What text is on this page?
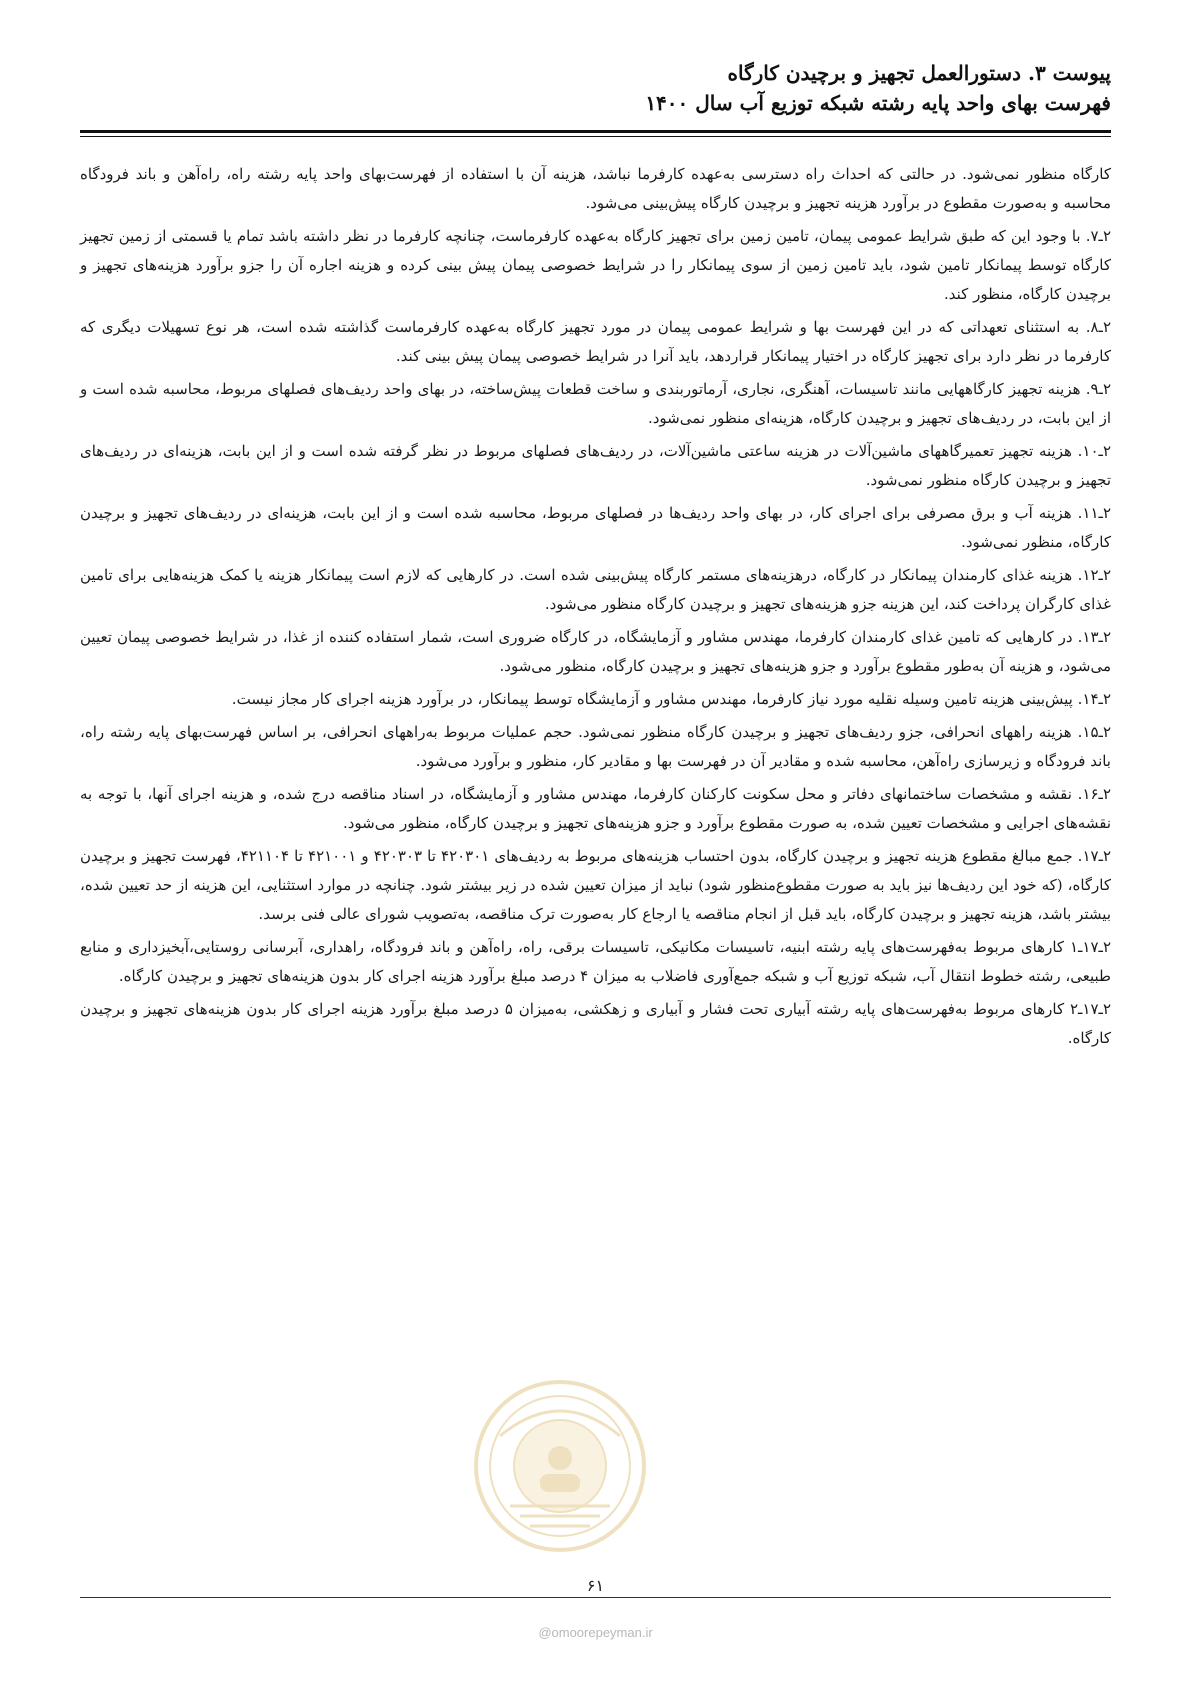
پیوست ۳. دستورالعمل تجهیز و برچیدن کارگاه
فهرست بهای واحد پایه رشته شبکه توزیع آب سال ۱۴۰۰

کارگاه منظور نمی‌شود. در حالتی که احداث راه دسترسی به‌عهده کارفرما نباشد، هزینه آن با استفاده از فهرست‌بهای واحد پایه رشته راه، راه‌آهن و باند فرودگاه محاسبه و به‌صورت مقطوع در برآورد هزینه تجهیز و برچیدن کارگاه پیش‌بینی می‌شود.

۲ـ۷. با وجود این که طبق شرایط عمومی پیمان، تامین زمین برای تجهیز کارگاه به‌عهده کارفرماست، چنانچه کارفرما در نظر داشته باشد تمام یا قسمتی از زمین تجهیز کارگاه توسط پیمانکار تامین شود، باید تامین زمین از سوی پیمانکار را در شرایط خصوصی پیمان پیش بینی کرده و هزینه اجاره آن را جزو برآورد هزینه‌های تجهیز و برچیدن کارگاه، منظور کند.

۲ـ۸. به استثنای تعهداتی که در این فهرست بها و شرایط عمومی پیمان در مورد تجهیز کارگاه به‌عهده کارفرماست گذاشته شده است، هر نوع تسهیلات دیگری که کارفرما در نظر دارد برای تجهیز کارگاه در اختیار پیمانکار قراردهد، باید آنرا در شرایط خصوصی پیمان پیش بینی کند.

۲ـ۹. هزینه تجهیز کارگاههایی مانند تاسیسات، آهنگری، نجاری، آرماتوربندی و ساخت قطعات پیش‌ساخته، در بهای واحد ردیف‌های فصلهای مربوط، محاسبه شده است و از این بابت، در ردیف‌های تجهیز و برچیدن کارگاه، هزینه‌ای منظور نمی‌شود.

۲ـ۱۰. هزینه تجهیز تعمیرگاههای ماشین‌آلات در هزینه ساعتی ماشین‌آلات، در ردیف‌های فصلهای مربوط در نظر گرفته شده است و از این بابت، هزینه‌ای در ردیف‌های تجهیز و برچیدن کارگاه منظور نمی‌شود.

۲ـ۱۱. هزینه آب و برق مصرفی برای اجرای کار، در بهای واحد ردیف‌ها در فصلهای مربوط، محاسبه شده است و از این بابت، هزینه‌ای در ردیف‌های تجهیز و برچیدن کارگاه، منظور نمی‌شود.

۲ـ۱۲. هزینه غذای کارمندان پیمانکار در کارگاه، درهزینه‌های مستمر کارگاه پیش‌بینی شده است. در کارهایی که لازم است پیمانکار هزینه یا کمک هزینه‌هایی برای تامین غذای کارگران پرداخت کند، این هزینه جزو هزینه‌های تجهیز و برچیدن کارگاه منظور می‌شود.

۲ـ۱۳. در کارهایی که تامین غذای کارمندان کارفرما، مهندس مشاور و آزمایشگاه، در کارگاه ضروری است، شمار استفاده کننده از غذا، در شرایط خصوصی پیمان تعیین می‌شود، و هزینه آن به‌طور مقطوع برآورد و جزو هزینه‌های تجهیز و برچیدن کارگاه، منظور می‌شود.

۲ـ۱۴. پیش‌بینی هزینه تامین وسیله نقلیه مورد نیاز کارفرما، مهندس مشاور و آزمایشگاه توسط پیمانکار، در برآورد هزینه اجرای کار مجاز نیست.

۲ـ۱۵. هزینه راههای انحرافی، جزو ردیف‌های تجهیز و برچیدن کارگاه منظور نمی‌شود. حجم عملیات مربوط به‌راههای انحرافی، بر اساس فهرست‌بهای پایه رشته راه، باند فرودگاه و زیرسازی راه‌آهن، محاسبه شده و مقادیر آن در فهرست بها و مقادیر کار، منظور و برآورد می‌شود.

۲ـ۱۶. نقشه و مشخصات ساختمانهای دفاتر و محل سکونت کارکنان کارفرما، مهندس مشاور و آزمایشگاه، در اسناد مناقصه درج شده، و هزینه اجرای آنها، با توجه به نقشه‌های اجرایی و مشخصات تعیین شده، به صورت مقطوع برآورد و جزو هزینه‌های تجهیز و برچیدن کارگاه، منظور می‌شود.

۲ـ۱۷. جمع مبالغ مقطوع هزینه تجهیز و برچیدن کارگاه، بدون احتساب هزینه‌های مربوط به ردیف‌های ۴۲۰۳۰۱ تا ۴۲۰۳۰۳ و ۴۲۱۰۰۱ تا ۴۲۱۱۰۴، فهرست تجهیز و برچیدن کارگاه، (که خود این ردیف‌ها نیز باید به صورت مقطوع‌منظور شود) نباید از میزان تعیین شده در زیر بیشتر شود. چنانچه در موارد استثنایی، این هزینه از حد تعیین شده، بیشتر باشد، هزینه تجهیز و برچیدن کارگاه، باید قبل از انجام مناقصه یا ارجاع کار به‌صورت ترک مناقصه، به‌تصویب شورای عالی فنی برسد.

۲ـ۱۷ـ۱ کارهای مربوط به‌فهرست‌های پایه رشته ابنیه، تاسیسات مکانیکی، تاسیسات برقی، راه، راه‌آهن و باند فرودگاه، راهداری، آبرسانی روستایی،آبخیزداری و منابع طبیعی، رشته خطوط انتقال آب، شبکه توزیع آب و شبکه جمع‌آوری فاضلاب به میزان ۴ درصد مبلغ برآورد هزینه اجرای کار بدون هزینه‌های تجهیز و برچیدن کارگاه.

۲ـ۱۷ـ۲ کارهای مربوط به‌فهرست‌های پایه رشته آبیاری تحت فشار و آبیاری و زهکشی، به‌میزان ۵ درصد مبلغ برآورد هزینه اجرای کار بدون هزینه‌های تجهیز و برچیدن کارگاه.

۶۱
@omoorepeyman.ir
